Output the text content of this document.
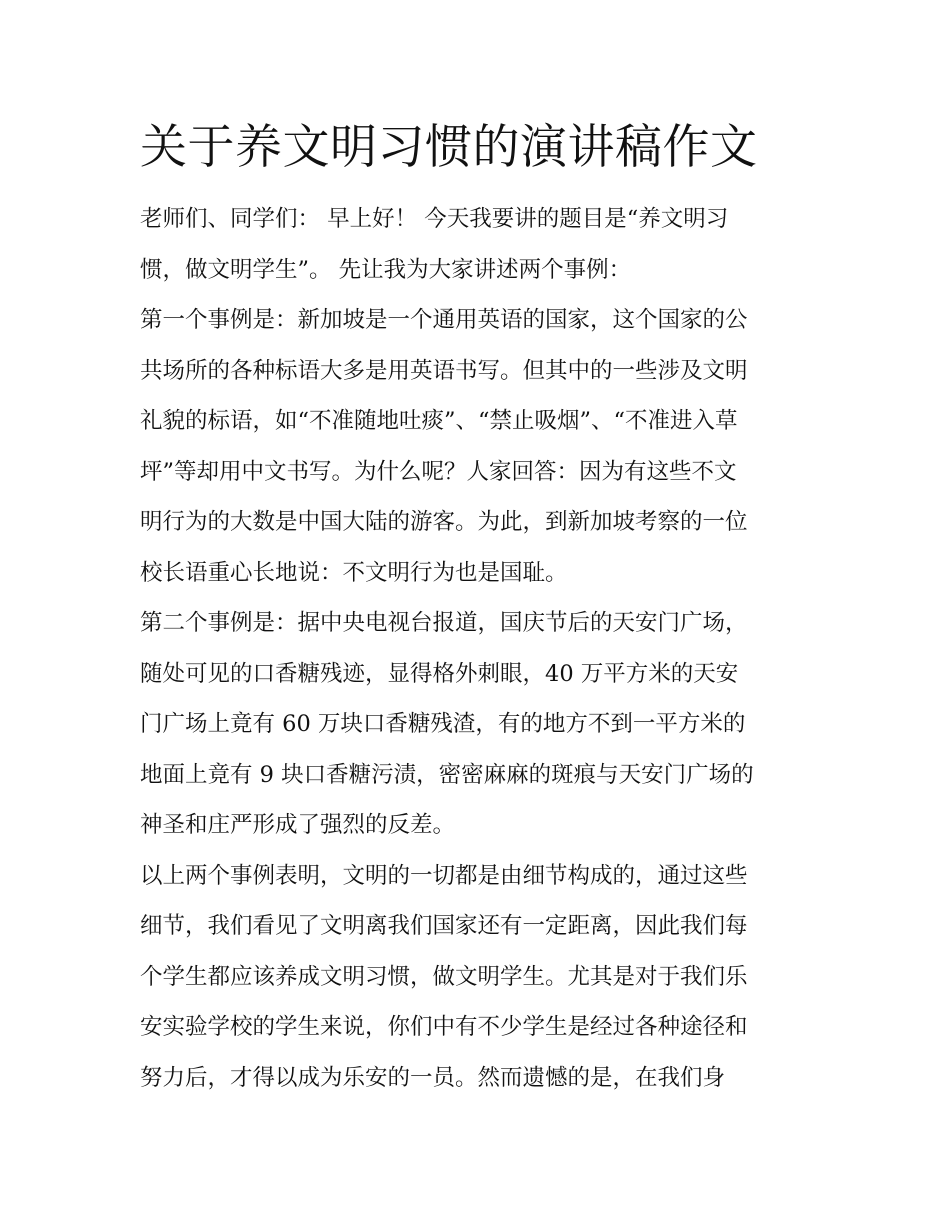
关于养文明习惯的演讲稿作文

老师们、同学们： 早上好！ 今天我要讲的题目是“养文明习
惯，做文明学生”。 先让我为大家讲述两个事例：

第一个事例是：新加坡是一个通用英语的国家，这个国家的公
共场所的各种标语大多是用英语书写。但其中的一些涉及文明
礼貌的标语，如“不准随地吐痰”、“禁止吸烟”、“不准进入草
坪”等却用中文书写。为什么呢？人家回答：因为有这些不文
明行为的大数是中国大陆的游客。为此，到新加坡考察的一位
校长语重心长地说：不文明行为也是国耻。

第二个事例是：据中央电视台报道，国庆节后的天安门广场，
随处可见的口香糖残迹，显得格外刺眼，40 万平方米的天安
门广场上竟有 60 万块口香糖残渣，有的地方不到一平方米的
地面上竟有 9 块口香糖污渍，密密麻麻的斑痕与天安门广场的
神圣和庄严形成了强烈的反差。

以上两个事例表明，文明的一切都是由细节构成的，通过这些
细节，我们看见了文明离我们国家还有一定距离，因此我们每
个学生都应该养成文明习惯，做文明学生。尤其是对于我们乐
安实验学校的学生来说，你们中有不少学生是经过各种途径和
努力后，才得以成为乐安的一员。然而遗憾的是，在我们身
